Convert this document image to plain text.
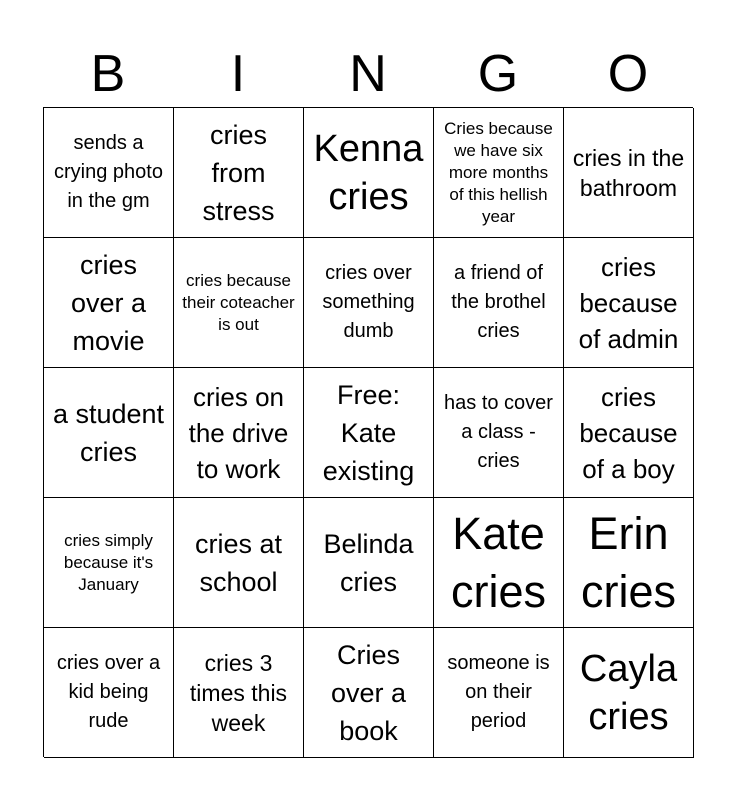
B	I	N	G	O
sends a crying photo in the gm
cries from stress
Kenna cries
Cries because we have six more months of this hellish year
cries in the bathroom
cries over a movie
cries because their coteacher is out
cries over something dumb
a friend of the brothel cries
cries because of admin
a student cries
cries on the drive to work
Free: Kate existing
has to cover a class - cries
cries because of a boy
cries simply because it's January
cries at school
Belinda cries
Kate cries
Erin cries
cries over a kid being rude
cries 3 times this week
Cries over a book
someone is on their period
Cayla cries
